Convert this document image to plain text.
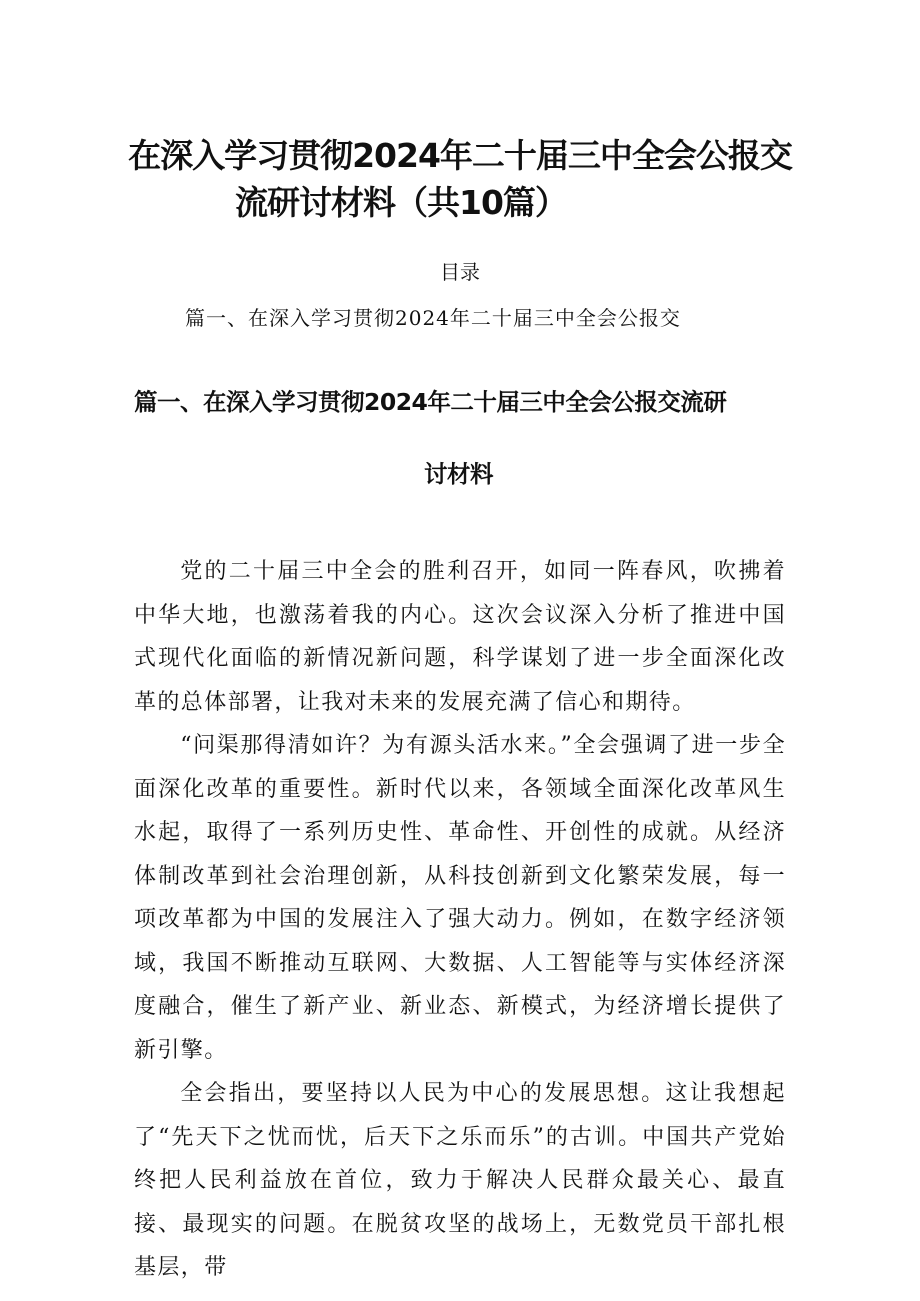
在深入学习贯彻2024年二十届三中全会公报交
流研讨材料（共10篇）
目录
篇一、在深入学习贯彻2024年二十届三中全会公报交
篇一、在深入学习贯彻2024年二十届三中全会公报交流研
讨材料

党的二十届三中全会的胜利召开，如同一阵春风，吹拂着中华大地，也激荡着我的内心。这次会议深入分析了推进中国式现代化面临的新情况新问题，科学谋划了进一步全面深化改革的总体部署，让我对未来的发展充满了信心和期待。

“问渠那得清如许？为有源头活水来。”全会强调了进一步全面深化改革的重要性。新时代以来，各领域全面深化改革风生水起，取得了一系列历史性、革命性、开创性的成就。从经济体制改革到社会治理创新，从科技创新到文化繁荣发展，每一项改革都为中国的发展注入了强大动力。例如，在数字经济领域，我国不断推动互联网、大数据、人工智能等与实体经济深度融合，催生了新产业、新业态、新模式，为经济增长提供了新引擎。

全会指出，要坚持以人民为中心的发展思想。这让我想起了“先天下之忧而忧，后天下之乐而乐”的古训。中国共产党始终把人民利益放在首位，致力于解决人民群众最关心、最直接、最现实的问题。在脱贫攻坚的战场上，无数党员干部扎根基层，带
